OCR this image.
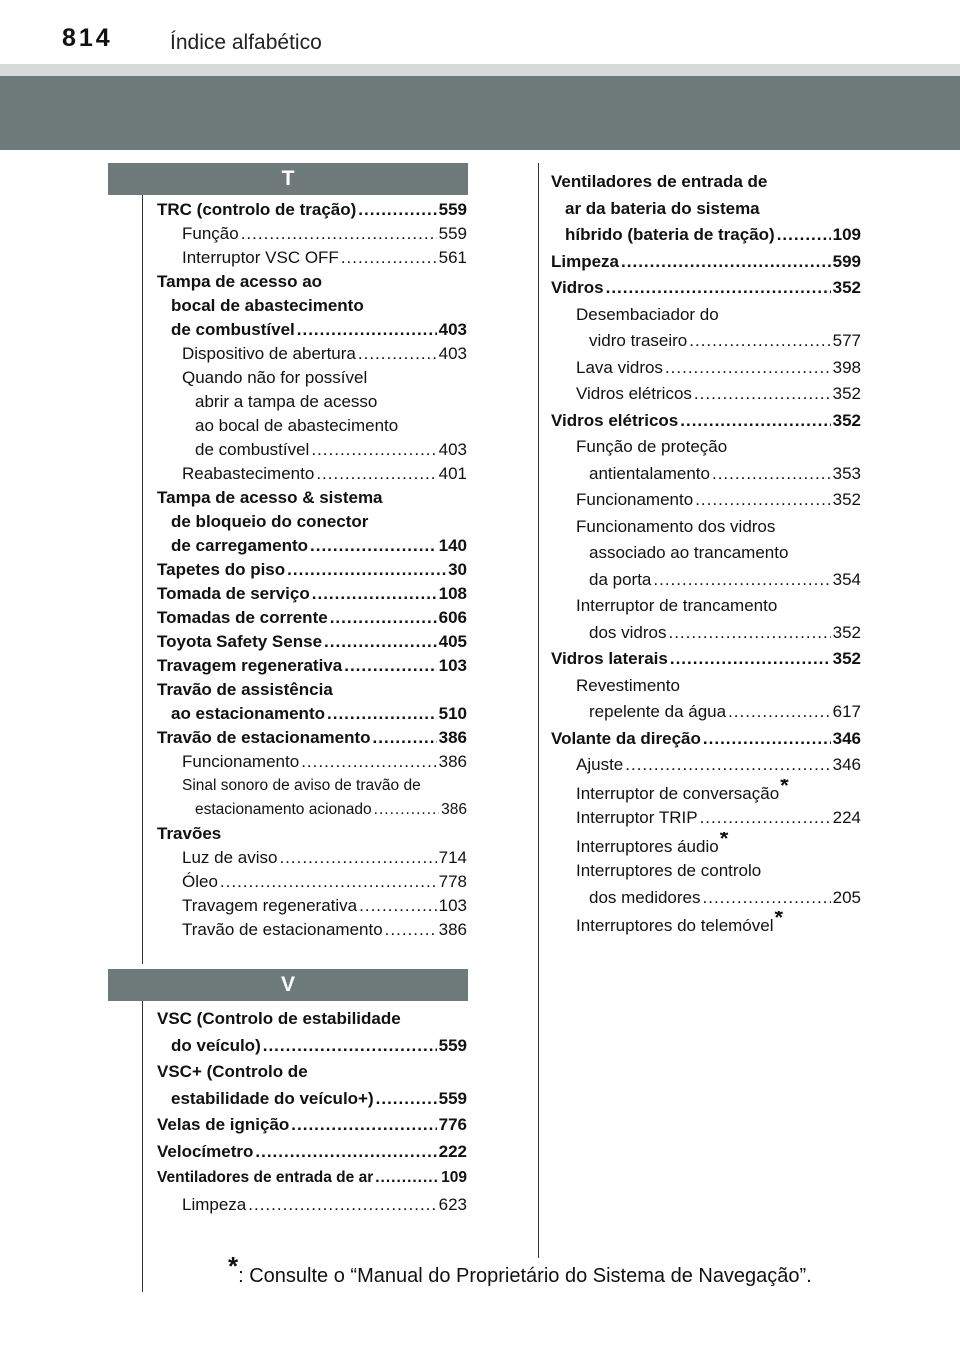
814	Índice alfabético
T
V
TRC (controlo de tração) .....	559
Função .....	559
Interruptor VSC OFF .....	561
Tampa de acesso ao
bocal de abastecimento
de combustível .....	403
Dispositivo de abertura .....	403
Quando não for possível
abrir a tampa de acesso
ao bocal de abastecimento
de combustível .....	403
Reabastecimento .....	401
Tampa de acesso & sistema
de bloqueio do conector
de carregamento .....	140
Tapetes do piso .....	30
Tomada de serviço .....	108
Tomadas de corrente .....	606
Toyota Safety Sense .....	405
Travagem regenerativa .....	103
Travão de assistência
ao estacionamento .....	510
Travão de estacionamento .....	386
Funcionamento .....	386
Sinal sonoro de aviso de travão de
estacionamento acionado .....	386
Travões
Luz de aviso .....	714
Óleo .....	778
Travagem regenerativa .....	103
Travão de estacionamento .....	386
VSC (Controlo de estabilidade
do veículo) .....	559
VSC+ (Controlo de
estabilidade do veículo+) .....	559
Velas de ignição .....	776
Velocímetro .....	222
Ventiladores de entrada de ar .....	109
Limpeza .....	623
Ventiladores de entrada de
ar da bateria do sistema
híbrido (bateria de tração) .....	109
Limpeza .....	599
Vidros .....	352
Desembaciador do
vidro traseiro .....	577
Lava vidros .....	398
Vidros elétricos .....	352
Vidros elétricos .....	352
Função de proteção
antientalamento .....	353
Funcionamento .....	352
Funcionamento dos vidros
associado ao trancamento
da porta .....	354
Interruptor de trancamento
dos vidros .....	352
Vidros laterais .....	352
Revestimento
repelente da água .....	617
Volante da direção .....	346
Ajuste .....	346
Interruptor de conversação *
Interruptor TRIP .....	224
Interruptores áudio *
Interruptores de controlo
dos medidores .....	205
Interruptores do telemóvel *
*: Consulte o “Manual do Proprietário do Sistema de Navegação”.
